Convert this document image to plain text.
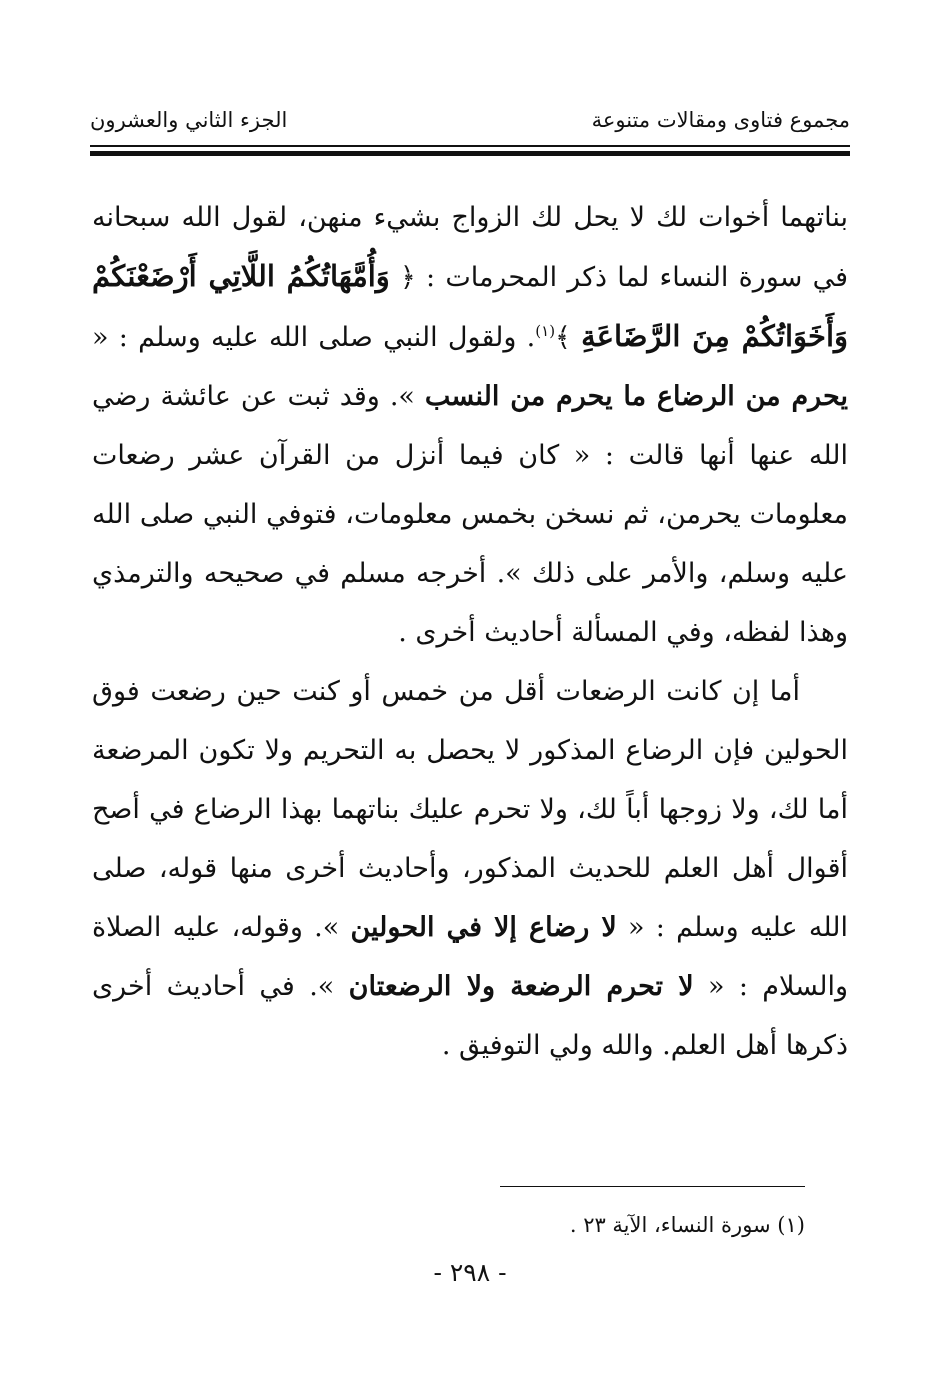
مجموع فتاوى ومقالات متنوعة
الجزء الثاني والعشرون

بناتهما أخوات لك لا يحل لك الزواج بشيء منهن، لقول الله سبحانه في سورة النساء لما ذكر المحرمات : ﴿ وَأُمَّهَاتُكُمُ اللَّاتِي أَرْضَعْنَكُمْ وَأَخَوَاتُكُمْ مِنَ الرَّضَاعَةِ ﴾$^{(١)}$. ولقول النبي صلى الله عليه وسلم : « يحرم من الرضاع ما يحرم من النسب ». وقد ثبت عن عائشة رضي الله عنها أنها قالت : « كان فيما أنزل من القرآن عشر رضعات معلومات يحرمن، ثم نسخن بخمس معلومات، فتوفي النبي صلى الله عليه وسلم، والأمر على ذلك ». أخرجه مسلم في صحيحه والترمذي وهذا لفظه، وفي المسألة أحاديث أخرى .

أما إن كانت الرضعات أقل من خمس أو كنت حين رضعت فوق الحولين فإن الرضاع المذكور لا يحصل به التحريم ولا تكون المرضعة أما لك، ولا زوجها أباً لك، ولا تحرم عليك بناتهما بهذا الرضاع في أصح أقوال أهل العلم للحديث المذكور، وأحاديث أخرى منها قوله، صلى الله عليه وسلم : « لا رضاع إلا في الحولين ». وقوله، عليه الصلاة والسلام : « لا تحرم الرضعة ولا الرضعتان ». في أحاديث أخرى ذكرها أهل العلم. والله ولي التوفيق .

(١) سورة النساء، الآية ٢٣ .
- ٢٩٨ -
